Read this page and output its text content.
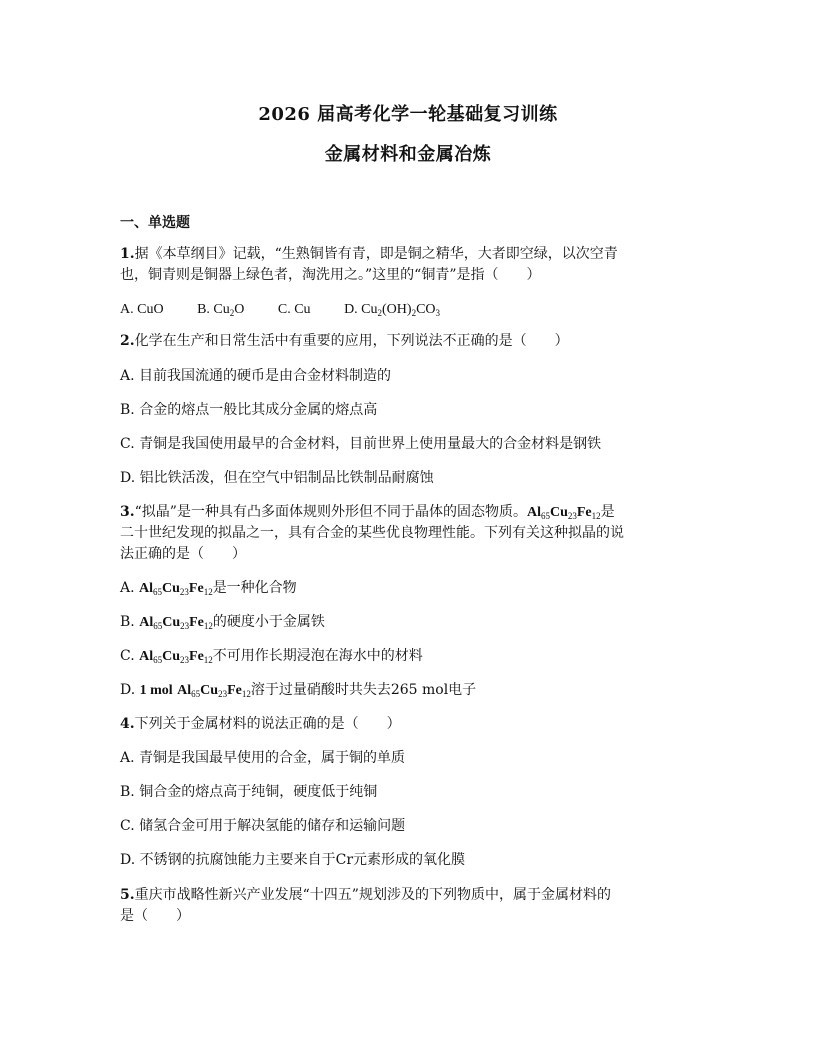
2026 届高考化学一轮基础复习训练
金属材料和金属冶炼
一、单选题
1.据《本草纲目》记载，“生熟铜皆有青，即是铜之精华，大者即空绿，以次空青
也，铜青则是铜器上绿色者，淘洗用之。”这里的“铜青”是指（　　）
A. CuO B. $Cu_2O$ C. Cu D. $Cu_2(OH)_2CO_3$
2.化学在生产和日常生活中有重要的应用，下列说法不正确的是（　　）
A. 目前我国流通的硬币是由合金材料制造的
B. 合金的熔点一般比其成分金属的熔点高
C. 青铜是我国使用最早的合金材料，目前世界上使用量最大的合金材料是钢铁
D. 铝比铁活泼，但在空气中铝制品比铁制品耐腐蚀
3.“拟晶”是一种具有凸多面体规则外形但不同于晶体的固态物质。$Al_{65}Cu_{23}Fe_{12}$是
二十世纪发现的拟晶之一，具有合金的某些优良物理性能。下列有关这种拟晶的说
法正确的是（　　）
A. $Al_{65}Cu_{23}Fe_{12}$是一种化合物
B. $Al_{65}Cu_{23}Fe_{12}$的硬度小于金属铁
C. $Al_{65}Cu_{23}Fe_{12}$不可用作长期浸泡在海水中的材料
D. 1 mol $Al_{65}Cu_{23}Fe_{12}$溶于过量硝酸时共失去265 mol电子
4.下列关于金属材料的说法正确的是（　　）
A. 青铜是我国最早使用的合金，属于铜的单质
B. 铜合金的熔点高于纯铜，硬度低于纯铜
C. 储氢合金可用于解决氢能的储存和运输问题
D. 不锈钢的抗腐蚀能力主要来自于Cr元素形成的氧化膜
5.重庆市战略性新兴产业发展“十四五”规划涉及的下列物质中，属于金属材料的
是（　　）
